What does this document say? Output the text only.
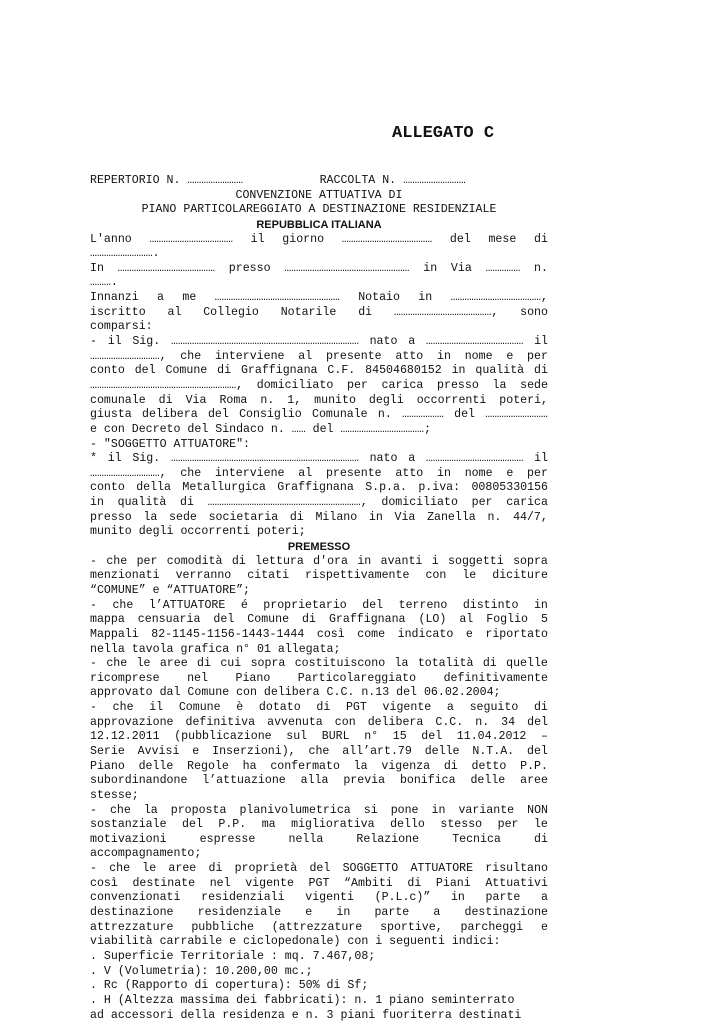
ALLEGATO C
REPERTORIO N. ……………………           RACCOLTA N. ………………………
CONVENZIONE ATTUATIVA DI
PIANO PARTICOLAREGGIATO A DESTINAZIONE RESIDENZIALE
REPUBBLICA ITALIANA
L'anno ……………………………… il giorno ………………………………… del mese di
……………………….
In …………………………………… presso ……………………………………………… in Via …………… n.
……….
Innanzi a me ……………………………………………… Notaio in …………………………………,
iscritto al Collegio Notarile di ……………………………………, sono
comparsi:
- il Sig. ……………………………………………………………………… nato a …………………………………… il
…………………………, che interviene al presente atto in nome e per
conto del Comune di Graffignana C.F. 84504680152 in qualità di
………………………………………………………, domiciliato per carica presso la sede
comunale di Via Roma n. 1, munito degli occorrenti poteri,
giusta delibera del Consiglio Comunale n. ……………… del ………………………
e con Decreto del Sindaco n. …… del ………………………………;
- "SOGGETTO ATTUATORE":
* il Sig. ……………………………………………………………………… nato a …………………………………… il
…………………………, che interviene al presente atto in nome e per
conto della Metallurgica Graffignana S.p.a. p.iva: 00805330156
in qualità di …………………………………………………………, domiciliato per carica
presso la sede societaria di Milano in Via Zanella n. 44/7,
munito degli occorrenti poteri;
PREMESSO
- che per comodità di lettura d'ora in avanti i soggetti sopra
menzionati verranno citati rispettivamente con le diciture
“COMUNE” e “ATTUATORE”;
- che l’ATTUATORE é proprietario del terreno distinto in
mappa censuaria del Comune di Graffignana (LO) al Foglio 5
Mappali 82-1145-1156-1443-1444 così come indicato e riportato
nella tavola grafica n° 01 allegata;
- che le aree di cui sopra costituiscono la totalità di quelle
ricomprese nel Piano Particolareggiato definitivamente
approvato dal Comune con delibera C.C. n.13 del 06.02.2004;
- che il Comune è dotato di PGT vigente a seguito di
approvazione definitiva avvenuta con delibera C.C. n. 34 del
12.12.2011 (pubblicazione sul BURL n° 15 del 11.04.2012 –
Serie Avvisi e Inserzioni), che all’art.79 delle N.T.A. del
Piano delle Regole ha confermato la vigenza di detto P.P.
subordinandone l’attuazione alla previa bonifica delle aree
stesse;
- che la proposta planivolumetrica si pone in variante NON
sostanziale del P.P. ma migliorativa dello stesso per le
motivazioni	espresse	nella	Relazione	Tecnica	di
accompagnamento;
- che le aree di proprietà del SOGGETTO ATTUATORE risultano
così destinate nel vigente PGT “Ambiti di Piani Attuativi
convenzionati residenziali vigenti (P.L.c)” in parte a
destinazione residenziale e in parte a destinazione
attrezzature pubbliche (attrezzature sportive, parcheggi e
viabilità carrabile e ciclopedonale) con i seguenti indici:
. Superficie Territoriale : mq. 7.467,08;
. V (Volumetria): 10.200,00 mc.;
. Rc (Rapporto di copertura): 50% di Sf;
. H (Altezza massima dei fabbricati): n. 1 piano seminterrato
ad accessori della residenza e n. 3 piani fuoriterra destinati
